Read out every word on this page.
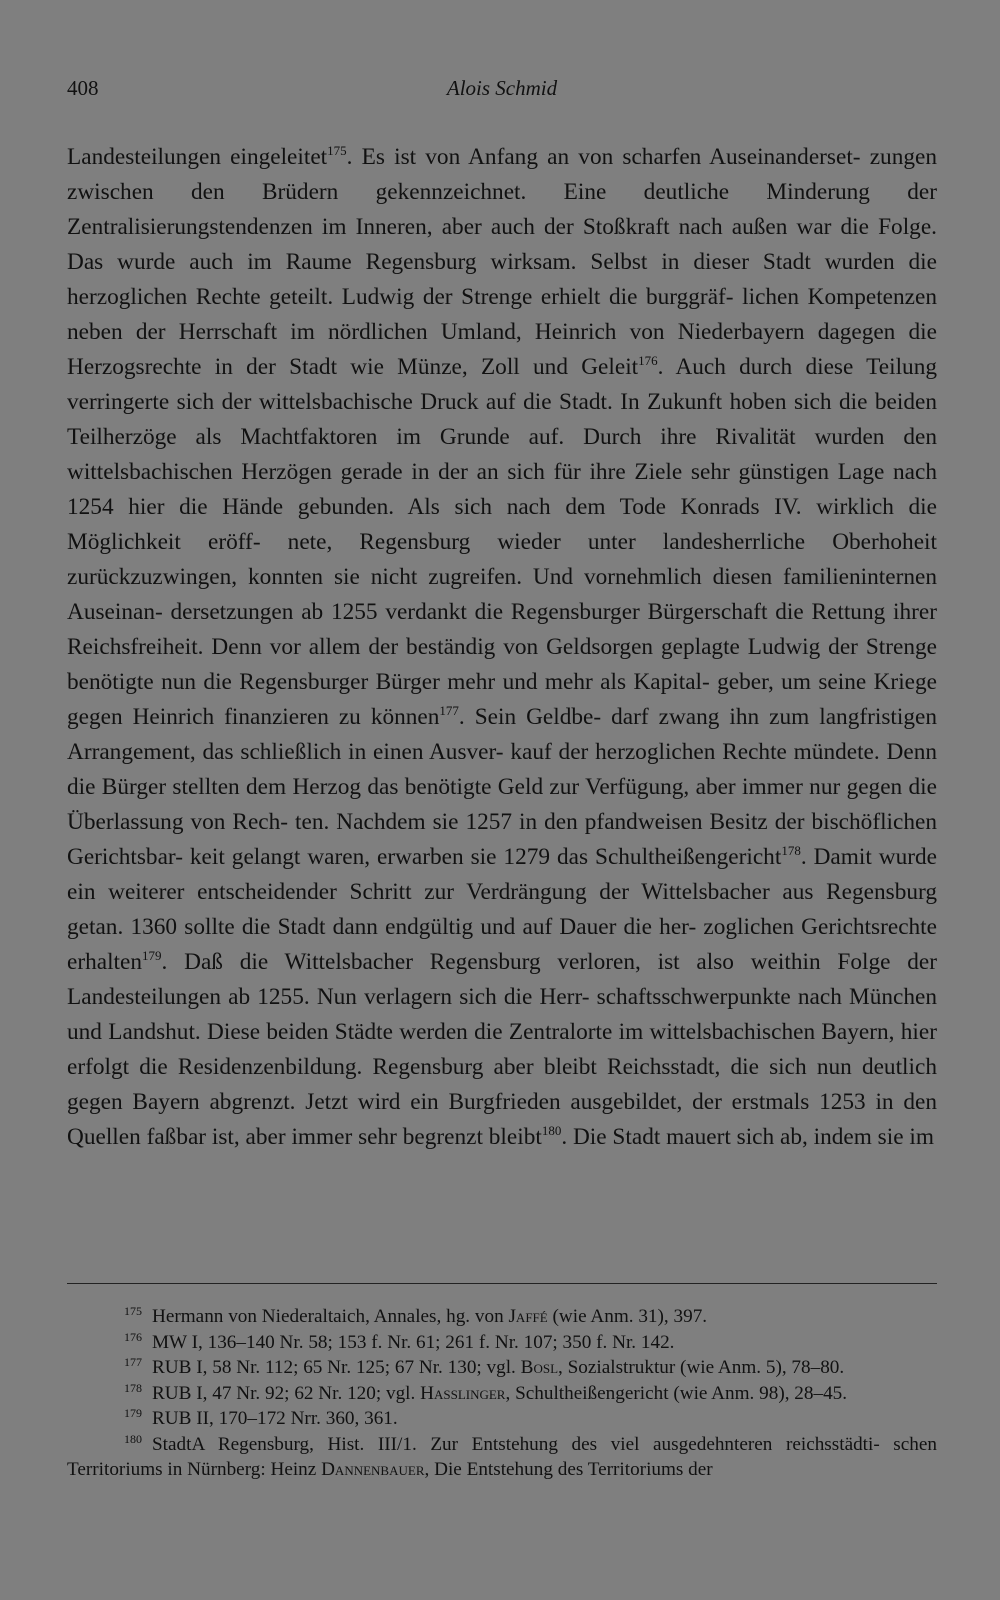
408	Alois Schmid

Landesteilungen eingeleitet$^{175}$. Es ist von Anfang an von scharfen Auseinanderset- zungen zwischen den Brüdern gekennzeichnet. Eine deutliche Minderung der Zentralisierungstendenzen im Inneren, aber auch der Stoßkraft nach außen war die Folge. Das wurde auch im Raume Regensburg wirksam. Selbst in dieser Stadt wurden die herzoglichen Rechte geteilt. Ludwig der Strenge erhielt die burggräf- lichen Kompetenzen neben der Herrschaft im nördlichen Umland, Heinrich von Niederbayern dagegen die Herzogsrechte in der Stadt wie Münze, Zoll und Geleit$^{176}$. Auch durch diese Teilung verringerte sich der wittelsbachische Druck auf die Stadt. In Zukunft hoben sich die beiden Teilherzöge als Machtfaktoren im Grunde auf. Durch ihre Rivalität wurden den wittelsbachischen Herzögen gerade in der an sich für ihre Ziele sehr günstigen Lage nach 1254 hier die Hände gebunden. Als sich nach dem Tode Konrads IV. wirklich die Möglichkeit eröff- nete, Regensburg wieder unter landesherrliche Oberhoheit zurückzuzwingen, konnten sie nicht zugreifen. Und vornehmlich diesen familieninternen Auseinan- dersetzungen ab 1255 verdankt die Regensburger Bürgerschaft die Rettung ihrer Reichsfreiheit. Denn vor allem der beständig von Geldsorgen geplagte Ludwig der Strenge benötigte nun die Regensburger Bürger mehr und mehr als Kapital- geber, um seine Kriege gegen Heinrich finanzieren zu können$^{177}$. Sein Geldbe- darf zwang ihn zum langfristigen Arrangement, das schließlich in einen Ausver- kauf der herzoglichen Rechte mündete. Denn die Bürger stellten dem Herzog das benötigte Geld zur Verfügung, aber immer nur gegen die Überlassung von Rech- ten. Nachdem sie 1257 in den pfandweisen Besitz der bischöflichen Gerichtsbar- keit gelangt waren, erwarben sie 1279 das Schultheißengericht$^{178}$. Damit wurde ein weiterer entscheidender Schritt zur Verdrängung der Wittelsbacher aus Regensburg getan. 1360 sollte die Stadt dann endgültig und auf Dauer die her- zoglichen Gerichtsrechte erhalten$^{179}$. Daß die Wittelsbacher Regensburg verloren, ist also weithin Folge der Landesteilungen ab 1255. Nun verlagern sich die Herr- schaftsschwerpunkte nach München und Landshut. Diese beiden Städte werden die Zentralorte im wittelsbachischen Bayern, hier erfolgt die Residenzenbildung. Regensburg aber bleibt Reichsstadt, die sich nun deutlich gegen Bayern abgrenzt. Jetzt wird ein Burgfrieden ausgebildet, der erstmals 1253 in den Quellen faßbar ist, aber immer sehr begrenzt bleibt$^{180}$. Die Stadt mauert sich ab, indem sie im

$^{175}$ Hermann von Niederaltaich, Annales, hg. von Jaffé (wie Anm. 31), 397.

$^{176}$ MW I, 136–140 Nr. 58; 153 f. Nr. 61; 261 f. Nr. 107; 350 f. Nr. 142.

$^{177}$ RUB I, 58 Nr. 112; 65 Nr. 125; 67 Nr. 130; vgl. Bosl, Sozialstruktur (wie Anm. 5), 78–80.

$^{178}$ RUB I, 47 Nr. 92; 62 Nr. 120; vgl. Hasslinger, Schultheißengericht (wie Anm. 98), 28–45.

$^{179}$ RUB II, 170–172 Nrr. 360, 361.

$^{180}$ StadtA Regensburg, Hist. III/1. Zur Entstehung des viel ausgedehnteren reichsstädti- schen Territoriums in Nürnberg: Heinz Dannenbauer, Die Entstehung des Territoriums der
